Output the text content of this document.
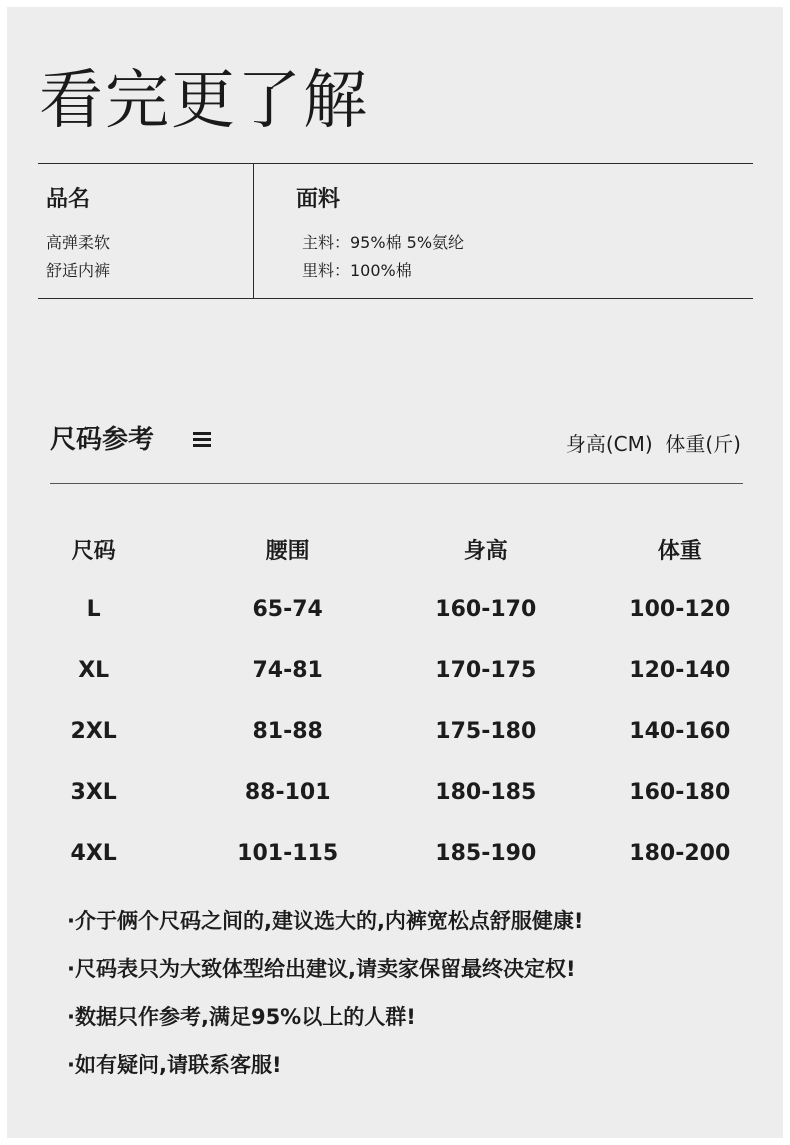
看完更了解
品名
高弹柔软
舒适内裤
面料
主料：95%棉 5%氨纶
里料：100%棉
尺码参考	身高(CM)  体重(斤)
尺码	腰围	身高	体重
L	65-74	160-170	100-120
XL	74-81	170-175	120-140
2XL	81-88	175-180	140-160
3XL	88-101	180-185	160-180
4XL	101-115	185-190	180-200
·介于俩个尺码之间的,建议选大的,内裤宽松点舒服健康!
·尺码表只为大致体型给出建议,请卖家保留最终决定权!
·数据只作参考,满足95%以上的人群!
·如有疑问,请联系客服!
